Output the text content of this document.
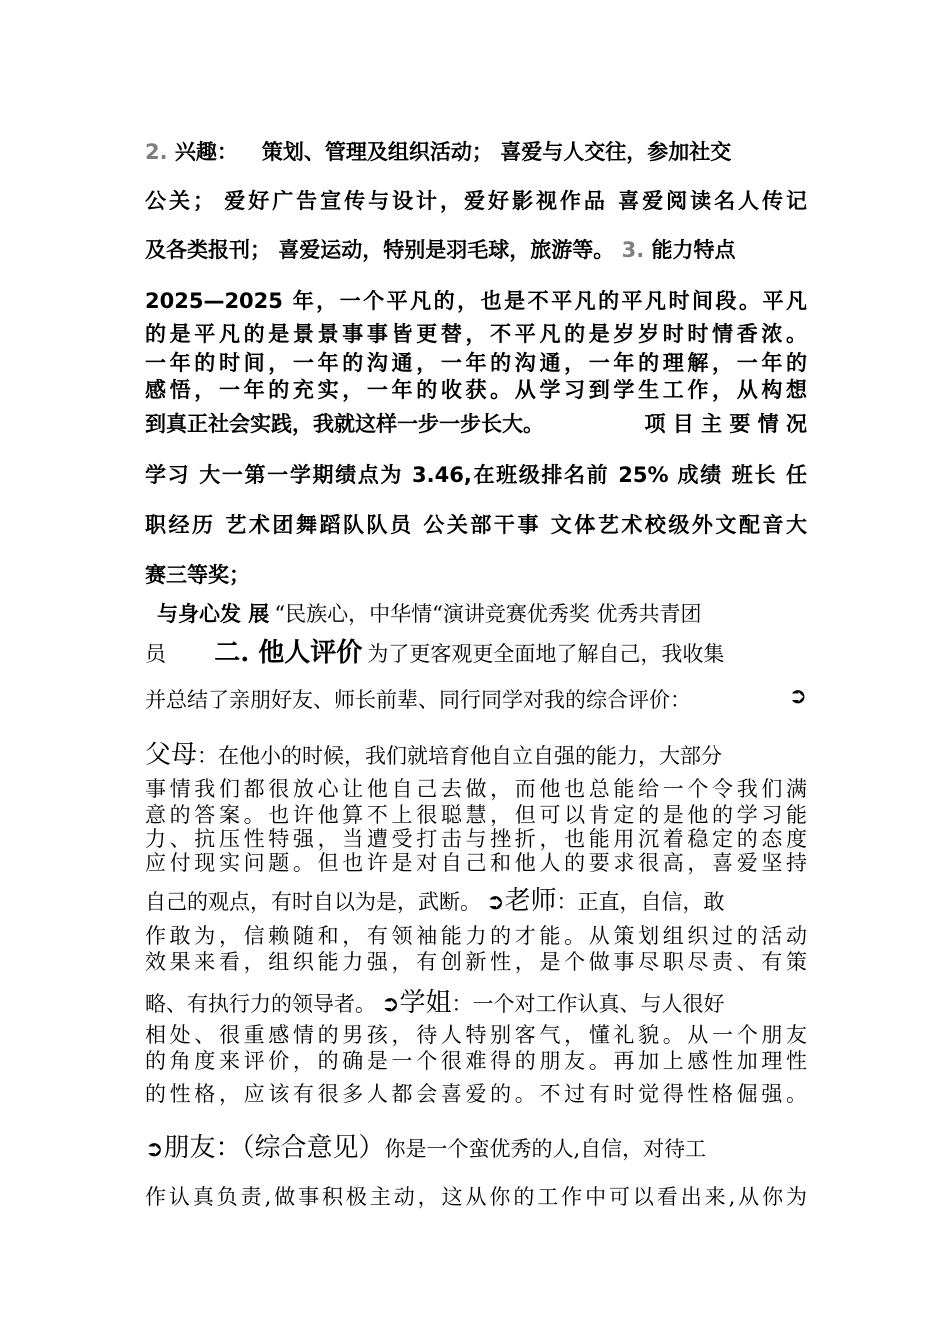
2. 兴趣： 策划、管理及组织活动； 喜爱与人交往，参加社交
公关； 爱好广告宣传与设计，爱好影视作品 喜爱阅读名人传记
及各类报刊； 喜爱运动，特别是羽毛球，旅游等。 3. 能力特点
2025—2025 年，一个平凡的，也是不平凡的平凡时间段。平凡
的是平凡的是景景事事皆更替，不平凡的是岁岁时时情香浓。
一年的时间，一年的沟通，一年的沟通，一年的理解，一年的
感悟，一年的充实，一年的收获。从学习到学生工作，从构想
到真正社会实践，我就这样一步一步长大。	项 目 主 要 情 况
学习 大一第一学期绩点为 3.46,在班级排名前 25% 成绩 班长 任
职经历 艺术团舞蹈队队员 公关部干事 文体艺术校级外文配音大
赛三等奖；
与身心发 展 “民族心，中华情“演讲竞赛优秀奖 优秀共青团
员 二. 他人评价 为了更客观更全面地了解自己，我收集
并总结了亲朋好友、师长前辈、同行同学对我的综合评价：	➲
父母：在他小的时候，我们就培育他自立自强的能力，大部分
事情我们都很放心让他自己去做，而他也总能给一个令我们满
意的答案。也许他算不上很聪慧，但可以肯定的是他的学习能
力、抗压性特强，当遭受打击与挫折，也能用沉着稳定的态度
应付现实问题。但也许是对自己和他人的要求很高，喜爱坚持
自己的观点，有时自以为是，武断。 ➲老师：正直，自信，敢
作敢为，信赖随和，有领袖能力的才能。从策划组织过的活动
效果来看，组织能力强，有创新性，是个做事尽职尽责、有策
略、有执行力的领导者。 ➲学姐：一个对工作认真、与人很好
相处、很重感情的男孩，待人特别客气，懂礼貌。从一个朋友
的角度来评价，的确是一个很难得的朋友。再加上感性加理性
的性格，应该有很多人都会喜爱的。不过有时觉得性格倔强。
➲朋友：（综合意见）你是一个蛮优秀的人,自信，对待工
作认真负责,做事积极主动，这从你的工作中可以看出来,从你为
